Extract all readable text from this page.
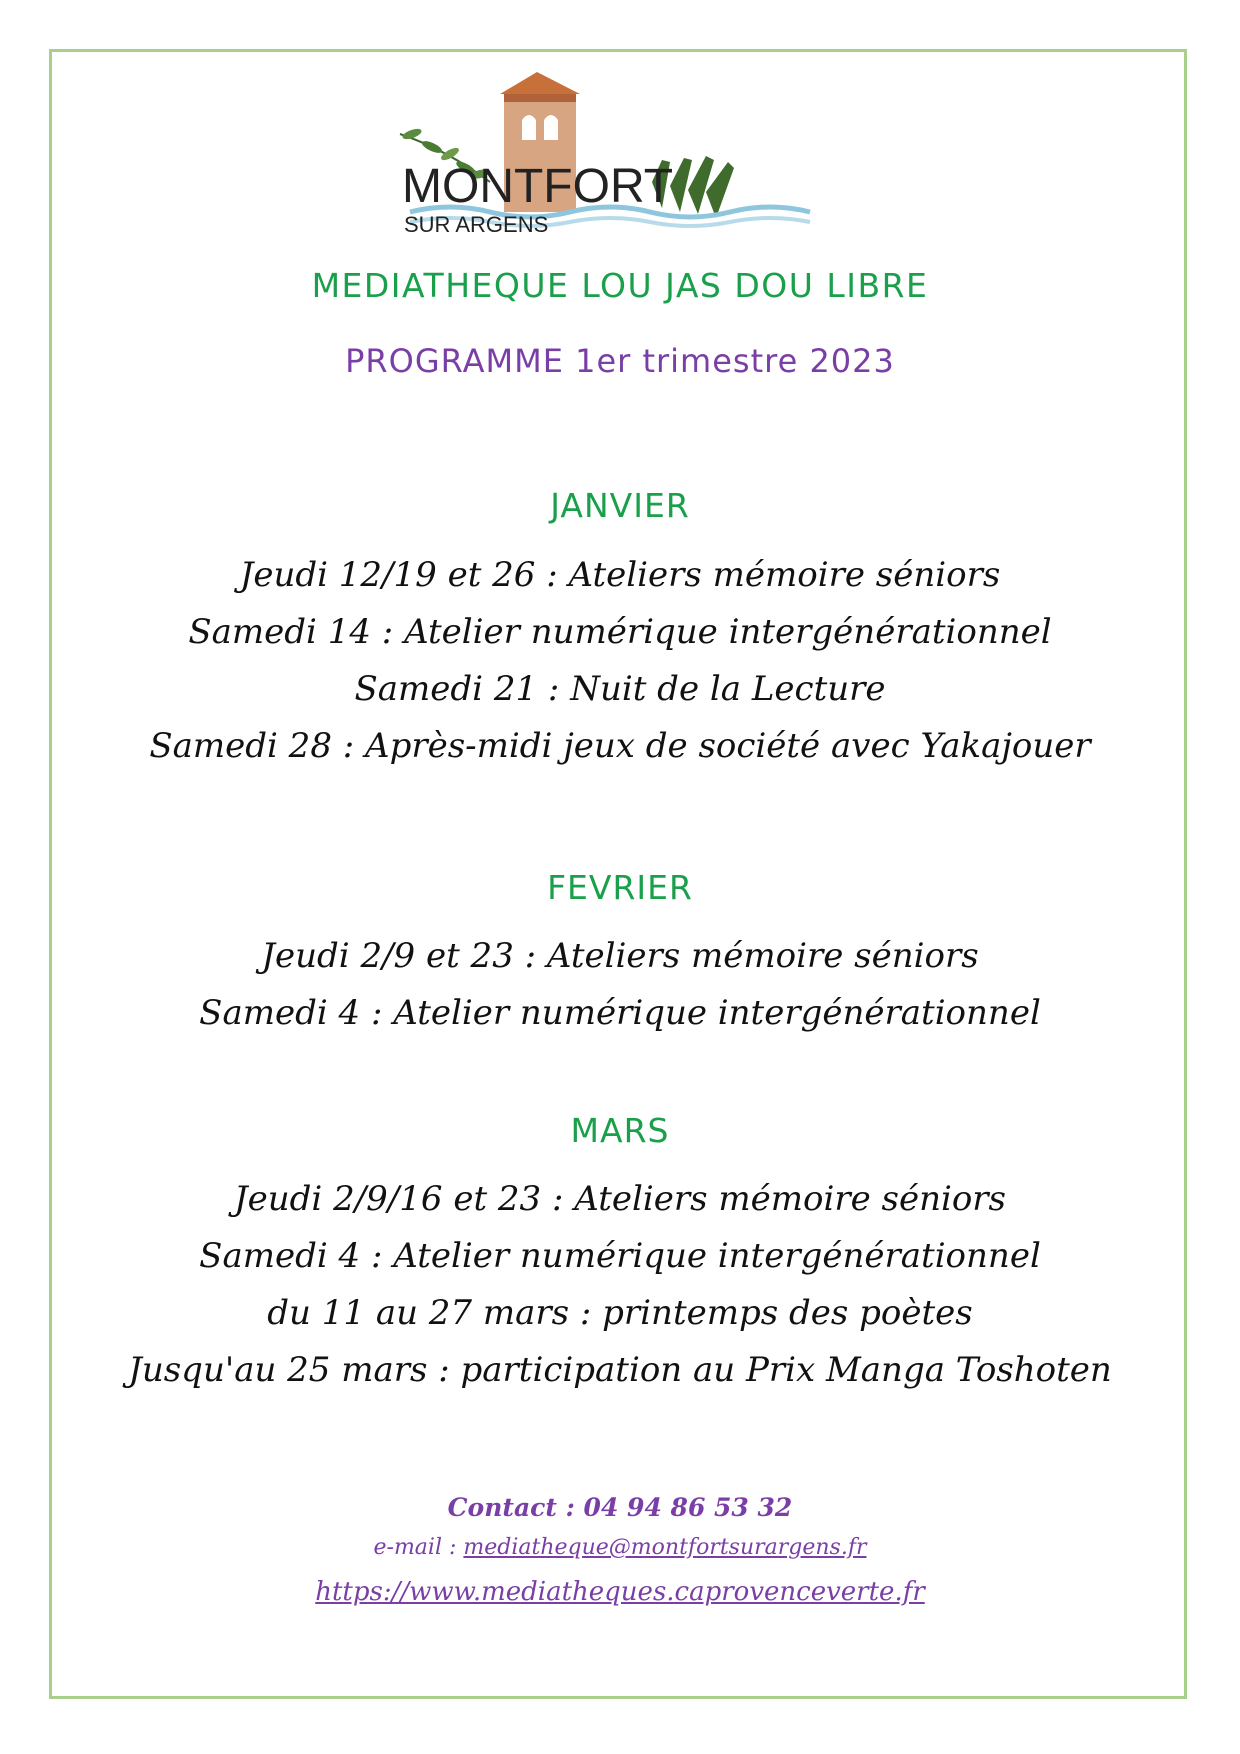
MONTFORT
SUR ARGENS
MEDIATHEQUE LOU JAS DOU LIBRE
PROGRAMME 1er trimestre 2023
JANVIER
Jeudi 12/19 et 26 : Ateliers mémoire séniors
Samedi 14 : Atelier numérique intergénérationnel
Samedi 21 : Nuit de la Lecture
Samedi 28 : Après-midi jeux de société avec Yakajouer
FEVRIER
Jeudi 2/9 et 23 : Ateliers mémoire séniors
Samedi 4 : Atelier numérique intergénérationnel
MARS
Jeudi 2/9/16 et 23 : Ateliers mémoire séniors
Samedi 4 : Atelier numérique intergénérationnel
du 11 au 27 mars : printemps des poètes
Jusqu'au 25 mars : participation au Prix Manga Toshoten
Contact : 04 94 86 53 32
e-mail : mediatheque@montfortsurargens.fr
https://www.mediatheques.caprovenceverte.fr
